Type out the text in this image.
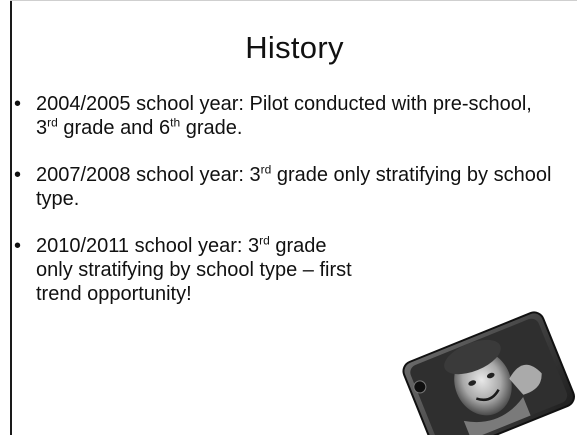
History
• 2004/2005 school year: Pilot conducted with pre-school, 3rd grade and 6th grade.
• 2007/2008 school year: 3rd grade only stratifying by school type.
• 2010/2011 school year: 3rd grade only stratifying by school type – first trend opportunity!
